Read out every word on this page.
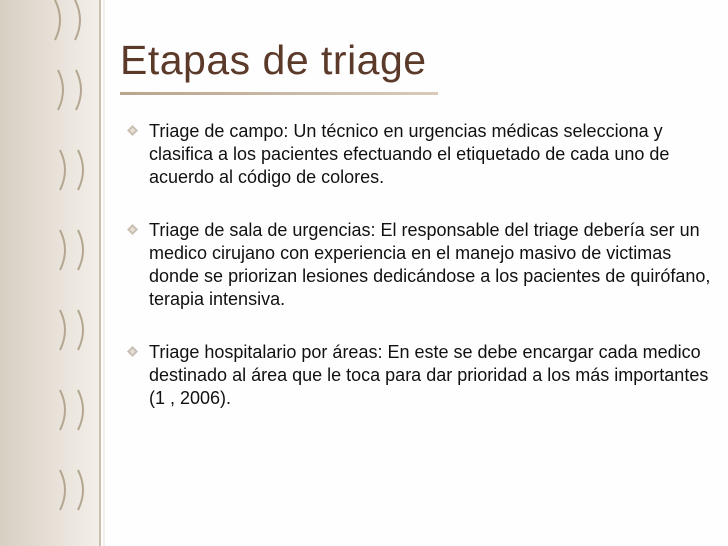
Etapas de triage
Triage de campo: Un técnico en urgencias médicas selecciona y clasifica a los pacientes efectuando el etiquetado de cada uno de acuerdo al código de colores.
Triage de sala de urgencias: El responsable del triage debería ser un medico cirujano con experiencia en el manejo masivo de victimas donde se priorizan lesiones dedicándose a los pacientes de quirófano, terapia intensiva.
Triage hospitalario por áreas: En este se debe encargar cada medico destinado al área que le toca para dar prioridad a los más importantes (1 , 2006).
